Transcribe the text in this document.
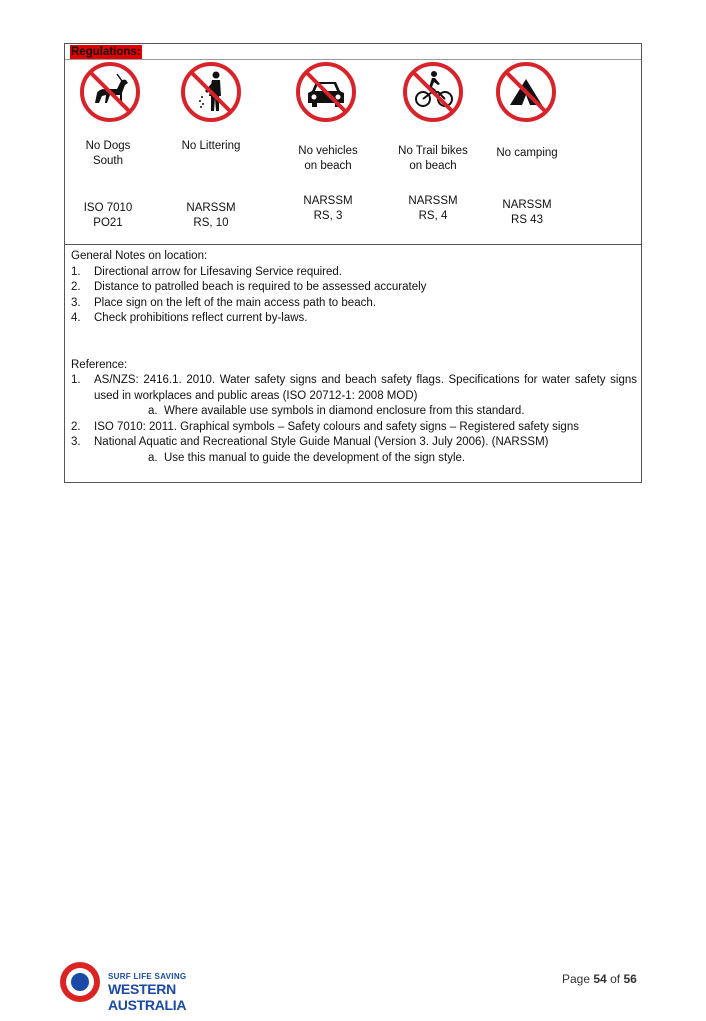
Regulations:
No Dogs
South
No Littering	No vehicles
on beach
No Trail bikes
on beach
No camping
ISO 7010
PO21
NARSSM
RS, 10
NARSSM
RS, 3
NARSSM
RS, 4
NARSSM
RS 43
General Notes on location:
1. Directional arrow for Lifesaving Service required.
2. Distance to patrolled beach is required to be assessed accurately
3. Place sign on the left of the main access path to beach.
4. Check prohibitions reflect current by-laws.
Reference:
1. AS/NZS: 2416.1. 2010. Water safety signs and beach safety flags. Specifications for water safety signs used in workplaces and public areas (ISO 20712-1: 2008 MOD)
a. Where available use symbols in diamond enclosure from this standard.
2. ISO 7010: 2011. Graphical symbols – Safety colours and safety signs – Registered safety signs
3. National Aquatic and Recreational Style Guide Manual (Version 3. July 2006). (NARSSM)
a. Use this manual to guide the development of the sign style.
SURF LIFE SAVING
WESTERN AUSTRALIA
Page 54 of 56
